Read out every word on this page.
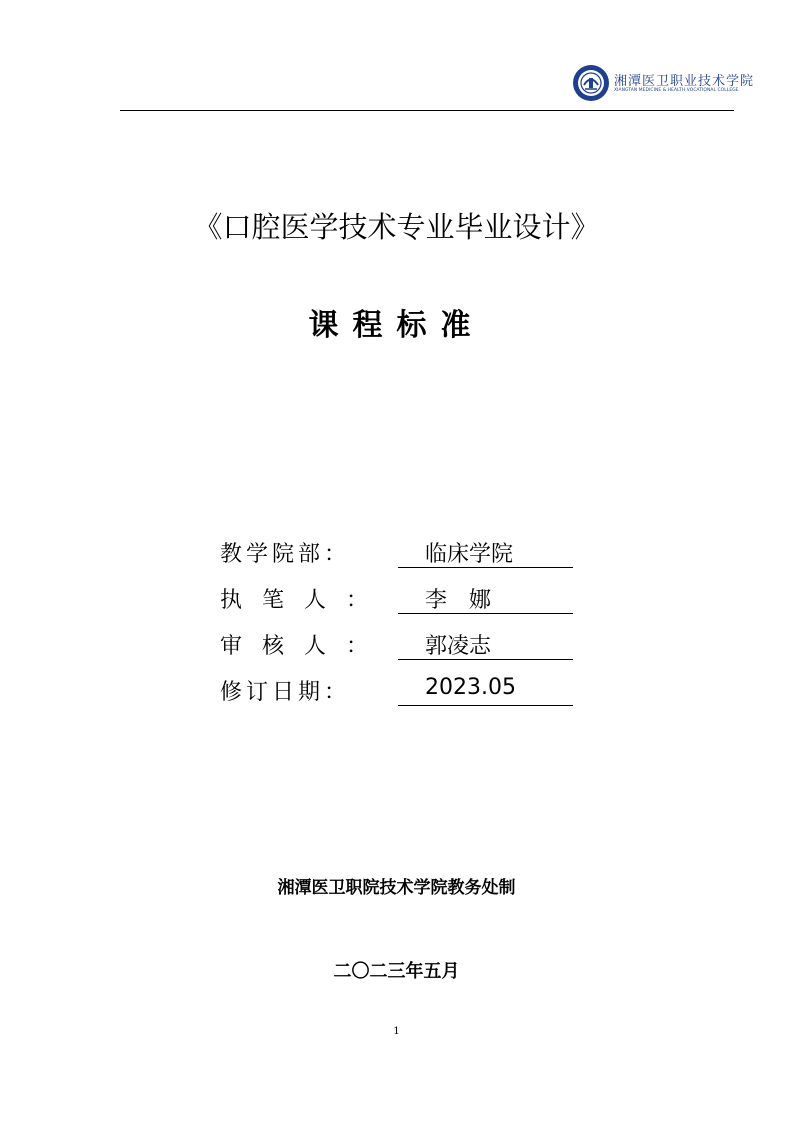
湘潭医卫职业技术学院
XIANGTAN MEDICINE & HEALTH VOCATIONAL COLLEGE
《口腔医学技术专业毕业设计》
课程标准
教学院部：	临床学院
执　笔　人　：	李　娜
审　核　人　：	郭凌志
修订日期：	2023.05
湘潭医卫职院技术学院教务处制
二〇二三年五月
1
